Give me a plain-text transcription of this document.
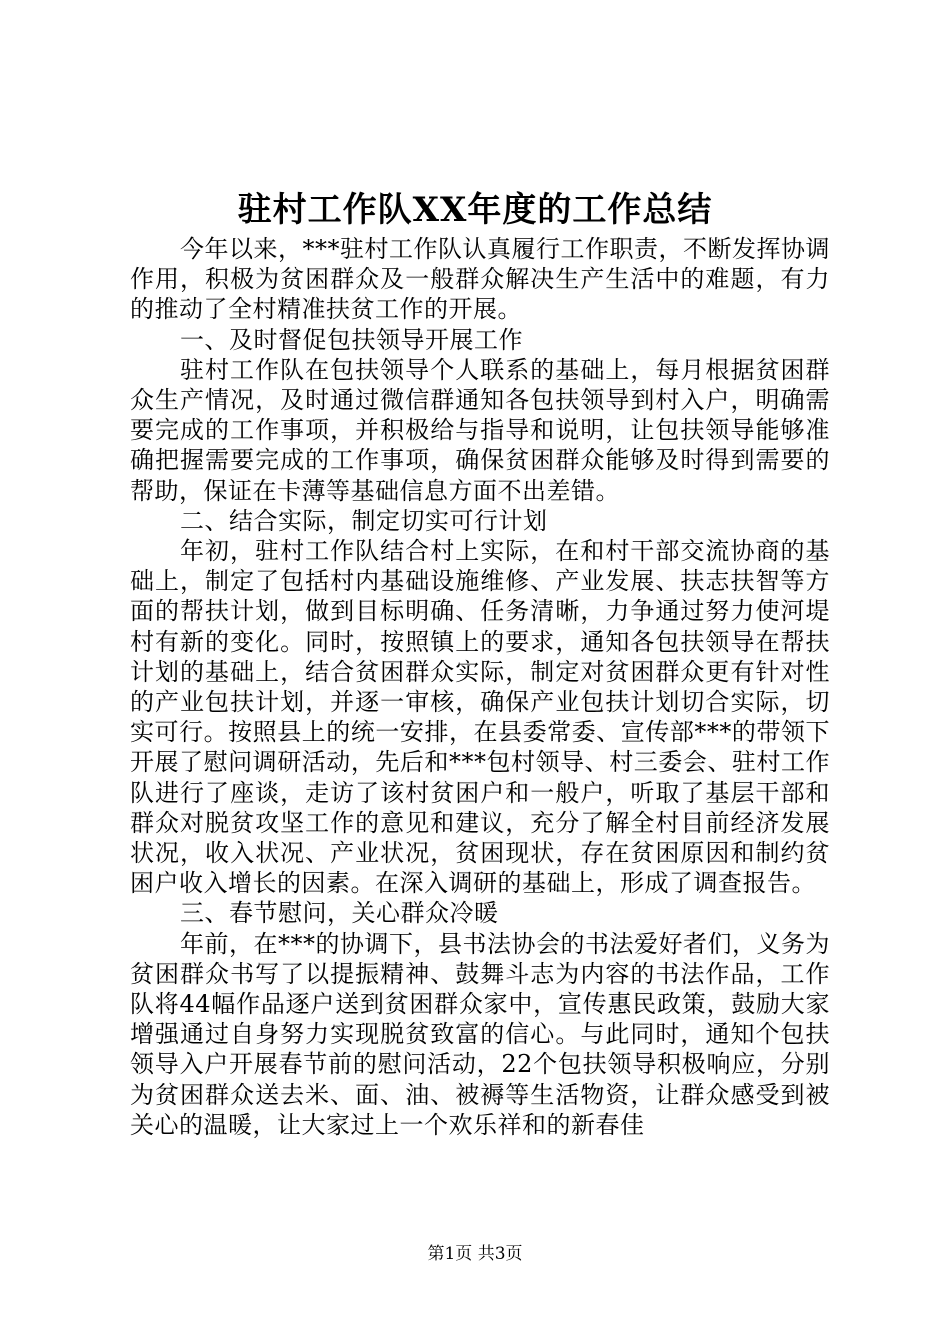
驻村工作队XX年度的工作总结

今年以来，***驻村工作队认真履行工作职责，不断发挥协调作用，积极为贫困群众及一般群众解决生产生活中的难题，有力的推动了全村精准扶贫工作的开展。

一、及时督促包扶领导开展工作

驻村工作队在包扶领导个人联系的基础上，每月根据贫困群众生产情况，及时通过微信群通知各包扶领导到村入户，明确需要完成的工作事项，并积极给与指导和说明，让包扶领导能够准确把握需要完成的工作事项，确保贫困群众能够及时得到需要的帮助，保证在卡薄等基础信息方面不出差错。

二、结合实际，制定切实可行计划

年初，驻村工作队结合村上实际，在和村干部交流协商的基础上，制定了包括村内基础设施维修、产业发展、扶志扶智等方面的帮扶计划，做到目标明确、任务清晰，力争通过努力使河堤村有新的变化。同时，按照镇上的要求，通知各包扶领导在帮扶计划的基础上，结合贫困群众实际，制定对贫困群众更有针对性的产业包扶计划，并逐一审核，确保产业包扶计划切合实际，切实可行。按照县上的统一安排，在县委常委、宣传部***的带领下开展了慰问调研活动，先后和***包村领导、村三委会、驻村工作队进行了座谈，走访了该村贫困户和一般户，听取了基层干部和群众对脱贫攻坚工作的意见和建议，充分了解全村目前经济发展状况，收入状况、产业状况，贫困现状，存在贫困原因和制约贫困户收入增长的因素。在深入调研的基础上，形成了调查报告。

三、春节慰问，关心群众冷暖

年前，在***的协调下，县书法协会的书法爱好者们，义务为贫困群众书写了以提振精神、鼓舞斗志为内容的书法作品，工作队将44幅作品逐户送到贫困群众家中，宣传惠民政策，鼓励大家增强通过自身努力实现脱贫致富的信心。与此同时，通知个包扶领导入户开展春节前的慰问活动，22个包扶领导积极响应，分别为贫困群众送去米、面、油、被褥等生活物资，让群众感受到被关心的温暖，让大家过上一个欢乐祥和的新春佳

第1页 共3页
